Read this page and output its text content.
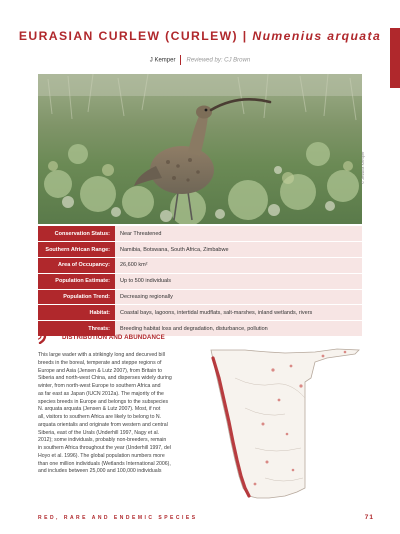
EURASIAN CURLEW (CURLEW) | Numenius arquata
J Kemper Reviewed by: CJ Brown
© Jessica Kemper
Conservation Status:	Near Threatened
Southern African Range:	Namibia, Botswana, South Africa, Zimbabwe
Area of Occupancy:	26,600 km²
Population Estimate:	Up to 500 individuals
Population Trend:	Decreasing regionally
Habitat:	Coastal bays, lagoons, intertidal mudflats, salt-marshes, inland wetlands, rivers
Threats:	Breeding habitat loss and degradation, disturbance, pollution
DISTRIBUTION AND ABUNDANCE
This large wader with a strikingly long and decurved bill
breeds in the boreal, temperate and steppe regions of
Europe and Asia (Jensen & Lutz 2007), from Britain to
Siberia and north-west China, and disperses widely during
winter, from north-west Europe to southern Africa and
as far east as Japan (IUCN 2012a). The majority of the
species breeds in Europe and belongs to the subspecies
N. arquata arquata (Jensen & Lutz 2007). Most, if not
all, visitors to southern Africa are likely to belong to N.
arquata orientalis and originate from western and central
Siberia, east of the Urals (Underhill 1997, Nagy et al.
2012); some individuals, probably non-breeders, remain
in southern Africa throughout the year (Underhill 1997, del
Hoyo et al. 1996). The global population numbers more
than one million individuals (Wetlands International 2006),
and includes between 25,000 and 100,000 individuals
RED, RARE AND ENDEMIC SPECIES	71
